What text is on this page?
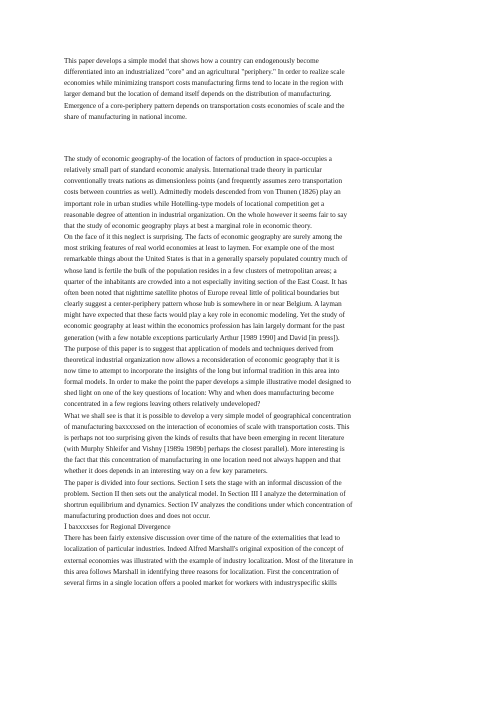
This paper develops a simple model that shows how a country can endogenously become
differentiated into an industrialized "core" and an agricultural "periphery." In order to realize scale
economies while minimizing transport costs manufacturing firms tend to locate in the region with
larger demand but the location of demand itself depends on the distribution of manufacturing.
Emergence of a core-periphery pattern depends on transportation costs economies of scale and the
share of manufacturing in national income.

The study of economic geography-of the location of factors of production in space-occupies a
relatively small part of standard economic analysis. International trade theory in particular
conventionally treats nations as dimensionless points (and frequently assumes zero transportation
costs between countries as well). Admittedly models descended from von Thunen (1826) play an
important role in urban studies while Hotelling-type models of locational competition get a
reasonable degree of attention in industrial organization. On the whole however it seems fair to say
that the study of economic geography plays at best a marginal role in economic theory.
On the face of it this neglect is surprising. The facts of economic geography are surely among the
most striking features of real world economies at least to laymen. For example one of the most
remarkable things about the United States is that in a generally sparsely populated country much of
whose land is fertile the bulk of the population resides in a few clusters of metropolitan areas; a
quarter of the inhabitants are crowded into a not especially inviting section of the East Coast. It has
often been noted that nighttime satellite photos of Europe reveal little of political boundaries but
clearly suggest a center-periphery pattern whose hub is somewhere in or near Belgium. A layman
might have expected that these facts would play a key role in economic modeling. Yet the study of
economic geography at least within the economics profession has lain largely dormant for the past
generation (with a few notable exceptions particularly Arthur [1989 1990] and David [in press]).
The purpose of this paper is to suggest that application of models and techniques derived from
theoretical industrial organization now allows a reconsideration of economic geography that it is
now time to attempt to incorporate the insights of the long but informal tradition in this area into
formal models. In order to make the point the paper develops a simple illustrative model designed to
shed light on one of the key questions of location: Why and when does manufacturing become
concentrated in a few regions leaving others relatively undeveloped?
What we shall see is that it is possible to develop a very simple model of geographical concentration
of manufacturing baxxxxsed on the interaction of economies of scale with transportation costs. This
is perhaps not too surprising given the kinds of results that have been emerging in recent literature
(with Murphy Shleifer and Vishny [1989a 1989b] perhaps the closest parallel). More interesting is
the fact that this concentration of manufacturing in one location need not always happen and that
whether it does depends in an interesting way on a few key parameters.
The paper is divided into four sections. Section I sets the stage with an informal discussion of the
problem. Section II then sets out the analytical model. In Section III I analyze the determination of
shortrun equilibrium and dynamics. Section IV analyzes the conditions under which concentration of
manufacturing production does and does not occur.
Ⅰ baxxxxses for Regional Divergence
There has been fairly extensive discussion over time of the nature of the externalities that lead to
localization of particular industries. Indeed Alfred Marshall's original exposition of the concept of
external economies was illustrated with the example of industry localization. Most of the literature in
this area follows Marshall in identifying three reasons for localization. First the concentration of
several firms in a single location offers a pooled market for workers with industryspecific skills
